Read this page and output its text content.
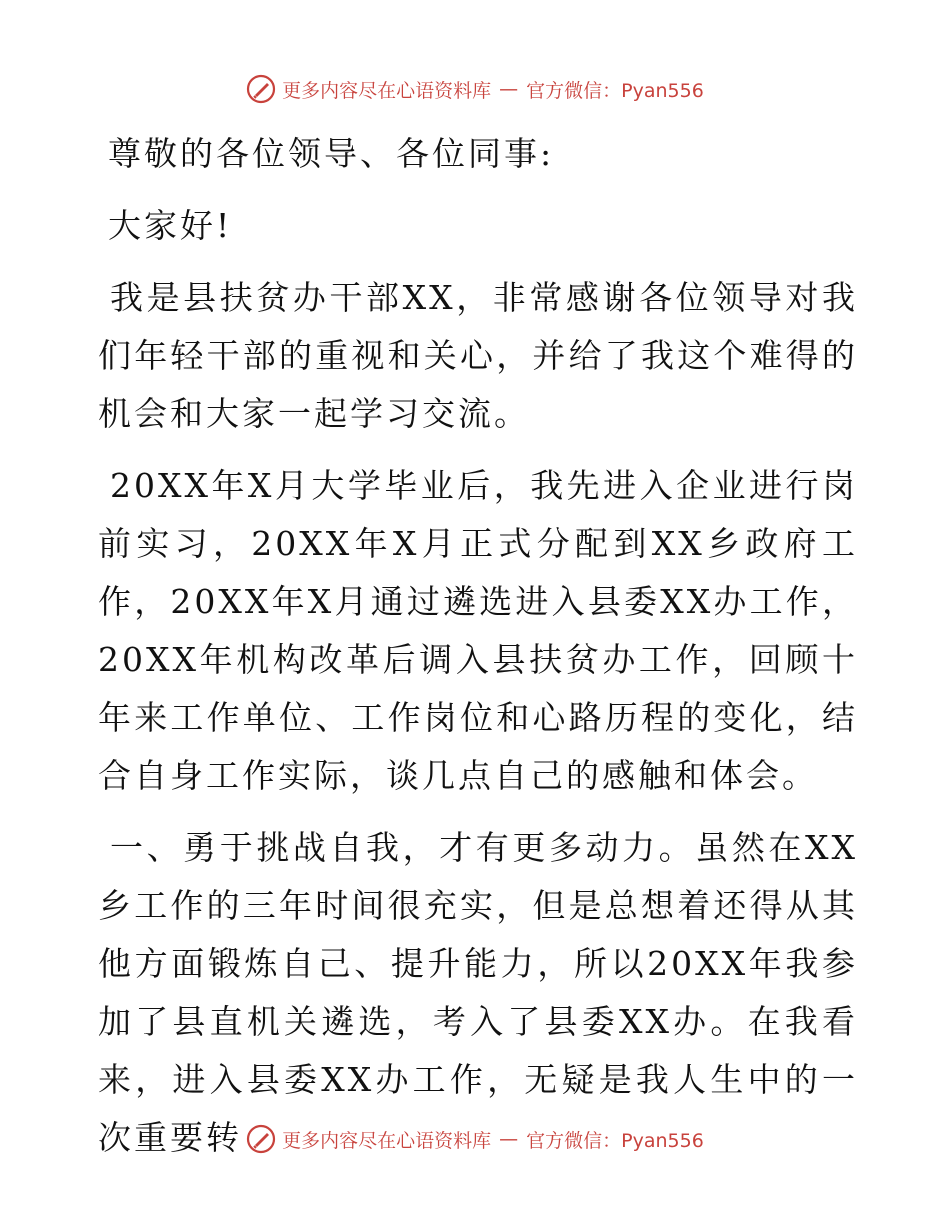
更多内容尽在心语资料库 — 官方微信：Pyan556

尊敬的各位领导、各位同事:

大家好!

我是县扶贫办干部XX，非常感谢各位领导对我们年轻干部的重视和关心，并给了我这个难得的机会和大家一起学习交流。

20XX年X月大学毕业后，我先进入企业进行岗前实习，20XX年X月正式分配到XX乡政府工作，20XX年X月通过遴选进入县委XX办工作，20XX年机构改革后调入县扶贫办工作，回顾十年来工作单位、工作岗位和心路历程的变化，结合自身工作实际，谈几点自己的感触和体会。

一、勇于挑战自我，才有更多动力。虽然在XX乡工作的三年时间很充实，但是总想着还得从其他方面锻炼自己、提升能力，所以20XX年我参加了县直机关遴选，考入了县委XX办。在我看来，进入县委XX办工作，无疑是我人生中的一次重要转	更多内容尽在心语资料库 — 官方微信：Pyan556
